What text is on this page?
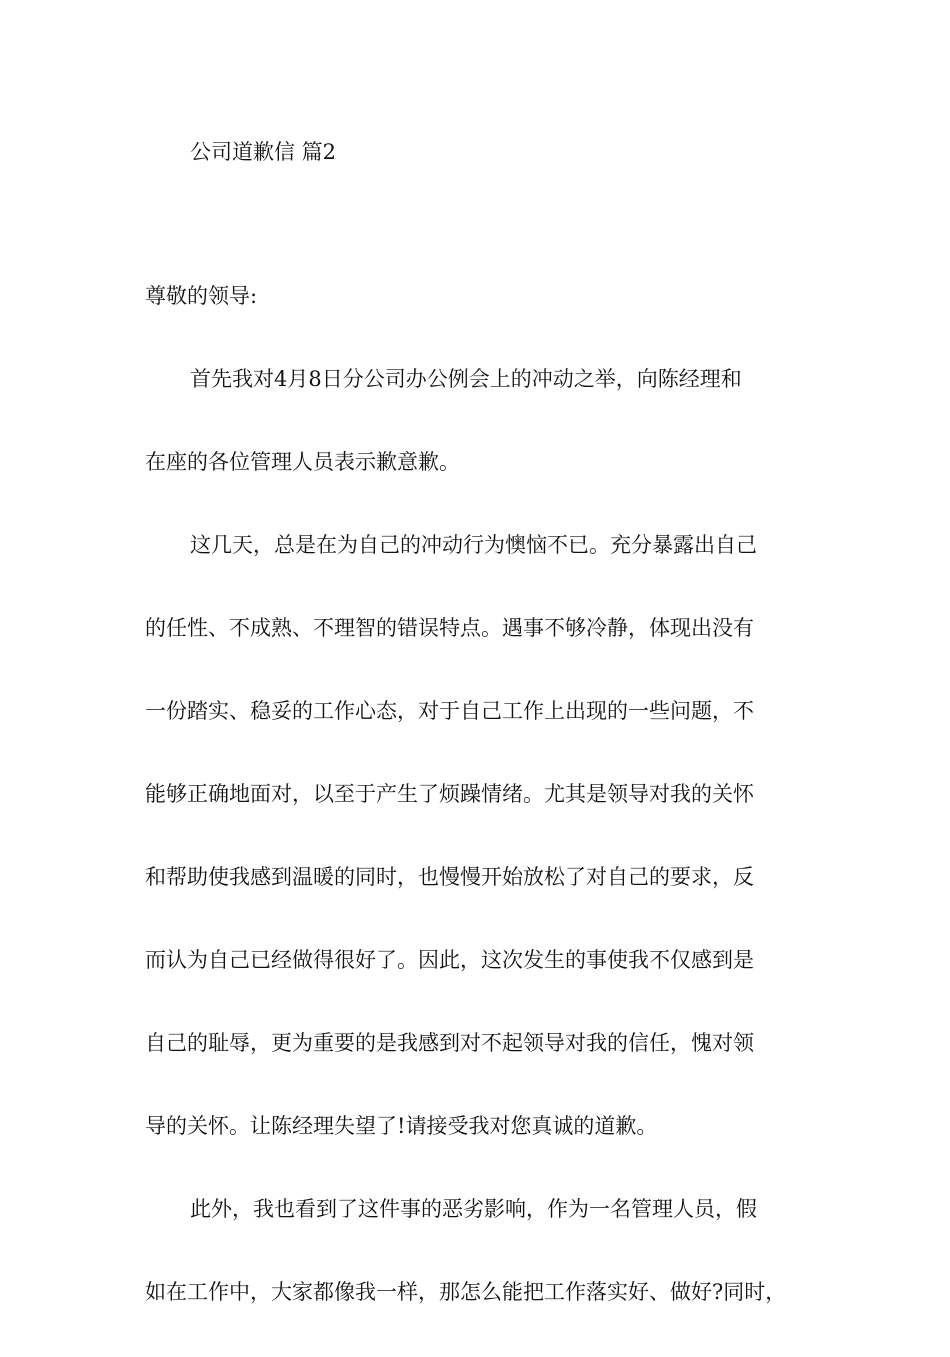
公司道歉信 篇2
尊敬的领导:
首先我对4月8日分公司办公例会上的冲动之举，向陈经理和
在座的各位管理人员表示歉意歉。
这几天，总是在为自己的冲动行为懊恼不已。充分暴露出自己
的任性、不成熟、不理智的错误特点。遇事不够冷静，体现出没有
一份踏实、稳妥的工作心态，对于自己工作上出现的一些问题，不
能够正确地面对，以至于产生了烦躁情绪。尤其是领导对我的关怀
和帮助使我感到温暖的同时，也慢慢开始放松了对自己的要求，反
而认为自己已经做得很好了。因此，这次发生的事使我不仅感到是
自己的耻辱，更为重要的是我感到对不起领导对我的信任，愧对领
导的关怀。让陈经理失望了!请接受我对您真诚的道歉。
此外，我也看到了这件事的恶劣影响，作为一名管理人员，假
如在工作中，大家都像我一样，那怎么能把工作落实好、做好?同时，
